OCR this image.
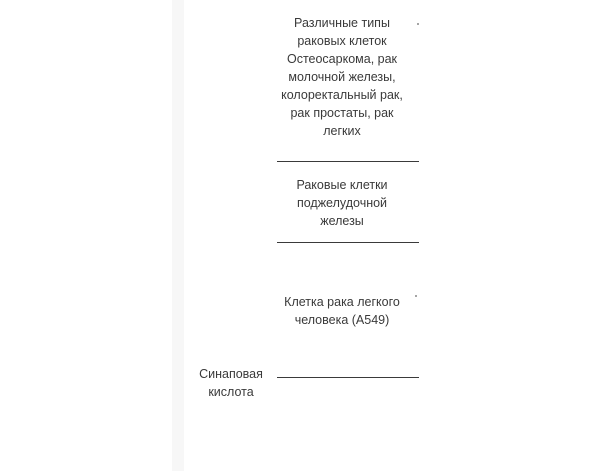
Различные типы
раковых клеток
Остеосаркома, рак
молочной железы,
колоректальный рак,
рак простаты, рак
легких
Раковые клетки
поджелудочной
железы
Клетка рака легкого
человека (A549)
Синаповая
кислота
